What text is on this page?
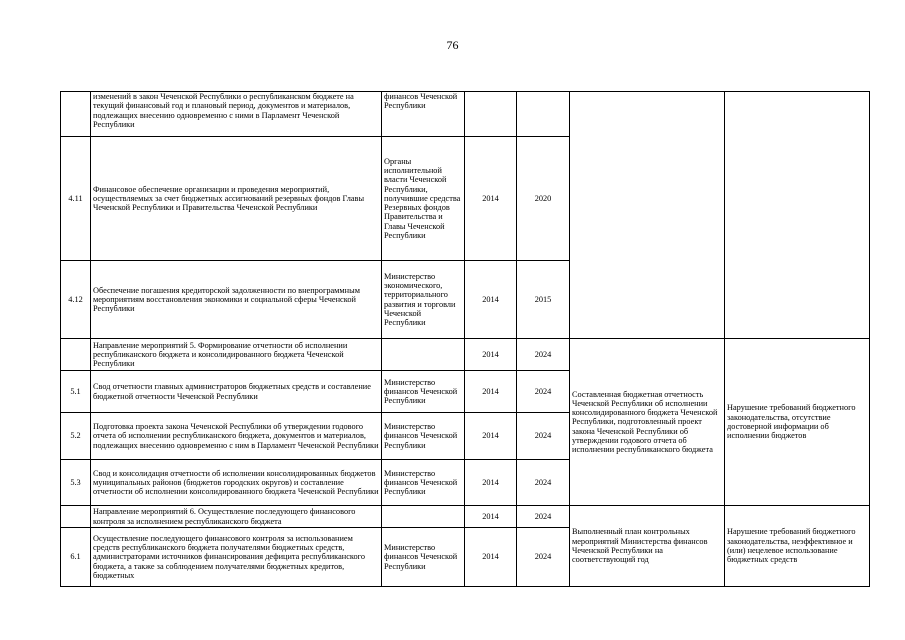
76
	изменений в закон Чеченской Республики о республиканском бюджете на текущий финансовый год и плановый период, документов и материалов, подлежащих внесению одновременно с ними в Парламент Чеченской Республики	финансов Чеченской Республики				
4.11	Финансовое обеспечение организации и проведения мероприятий, осуществляемых за счет бюджетных ассигнований резервных фондов Главы Чеченской Республики и Правительства Чеченской Республики	Органы исполнительной власти Чеченской Республики, получившие средства Резервных фондов Правительства и Главы Чеченской Республики	2014	2020		
4.12	Обеспечение погашения кредиторской задолженности по внепрограммным мероприятиям восстановления экономики и социальной сферы Чеченской Республики	Министерство экономического, территориального развития и торговли Чеченской Республики	2014	2015		
	Направление мероприятий 5. Формирование отчетности об исполнении республиканского бюджета и консолидированного бюджета Чеченской Республики		2014	2024	Составленная бюджетная отчетность Чеченской Республики об исполнении консолидированного бюджета Чеченской Республики, подготовленный проект закона Чеченской Республики об утверждении годового отчета об исполнении республиканского бюджета	Нарушение требований бюджетного законодательства, отсутствие достоверной информации об исполнении бюджетов
5.1	Свод отчетности главных администраторов бюджетных средств и составление бюджетной отчетности Чеченской Республики	Министерство финансов Чеченской Республики	2014	2024		
5.2	Подготовка проекта закона Чеченской Республики об утверждении годового отчета об исполнении республиканского бюджета, документов и материалов, подлежащих внесению одновременно с ним в Парламент Чеченской Республики	Министерство финансов Чеченской Республики	2014	2024		
5.3	Свод и консолидация отчетности об исполнении консолидированных бюджетов муниципальных районов (бюджетов городских округов) и составление отчетности об исполнении консолидированного бюджета Чеченской Республики	Министерство финансов Чеченской Республики	2014	2024		
	Направление мероприятий 6. Осуществление последующего финансового контроля за исполнением республиканского бюджета		2014	2024	Выполненный план контрольных мероприятий Министерства финансов Чеченской Республики на соответствующий год	Нарушение требований бюджетного законодательства, неэффективное и (или) нецелевое использование бюджетных средств
6.1	Осуществление последующего финансового контроля за использованием средств республиканского бюджета получателями бюджетных средств, администраторами источников финансирования дефицита республиканского бюджета, а также за соблюдением получателями бюджетных кредитов, бюджетных	Министерство финансов Чеченской Республики	2014	2024		
